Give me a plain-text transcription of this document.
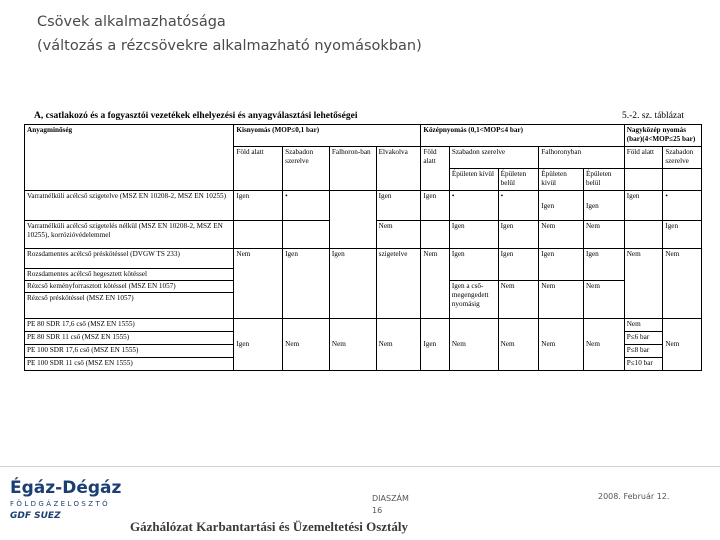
Csövek alkalmazhatósága
(változás a rézcsövekre alkalmazható nyomásokban)
A, csatlakozó és a fogyasztói vezetékek elhelyezési és anyagválasztási lehetőségei	5.-2. sz. táblázat
Anyagminőség	Kisnyomás (MOP≤0,1 bar)				Középnyomás (0,1<MOP≤4 bar)					Nagyközép nyomás (bar)(4<MOP≤25 bar)	
	Föld alatt	Szabadon szerelve	Falhoron-ban	Elvakolva	Föld alatt	Szabadon szerelve		Falhoronyban		Föld alatt	Szabadon szerelve
						Épületen kívül	Épületen belül	Épületen kívül	Épületen belül		
Varratnélküli acélcső szigetelve (MSZ EN 10208-2, MSZ EN 10255)	Igen	•		Igen	Igen	•	•	Igen	Igen	Igen	•
Varratnélküli acélcső szigetelés nélkül (MSZ EN 10208-2, MSZ EN 10255), korrózióvédelemmel				Nem		Igen	Igen	Nem	Nem		Igen
Rozsdamentes acélcső préskötéssel (DVGW TS 233)	Nem	Igen	Igen	szigetelve	Nem	Igen	Igen	Igen	Igen	Nem	Nem
Rozsdamentes acélcső hegesztett kötéssel											
Rézcső keményforrasztott kötéssel (MSZ EN 1057)						Igen a cső-megengedett nyomásig	Nem	Nem	Nem		
Rézcső préskötéssel (MSZ EN 1057)											
PE 80 SDR 17,6 cső (MSZ EN 1555)	Igen	Nem	Nem	Nem	Igen	Nem	Nem	Nem	Nem	Nem	Nem
PE 80 SDR 11 cső (MSZ EN 1555)										P≤6 bar	
PE 100 SDR 17,6 cső (MSZ EN 1555)										P≤8 bar	
PE 100 SDR 11 cső (MSZ EN 1555)										P≤10 bar	
Égáz-Dégáz
FÖLDGÁZELOSZTÓ
GDF SUEZ
DIASZÁM
16
2008. Február 12.
Gázhálózat Karbantartási és Üzemeltetési Osztály
